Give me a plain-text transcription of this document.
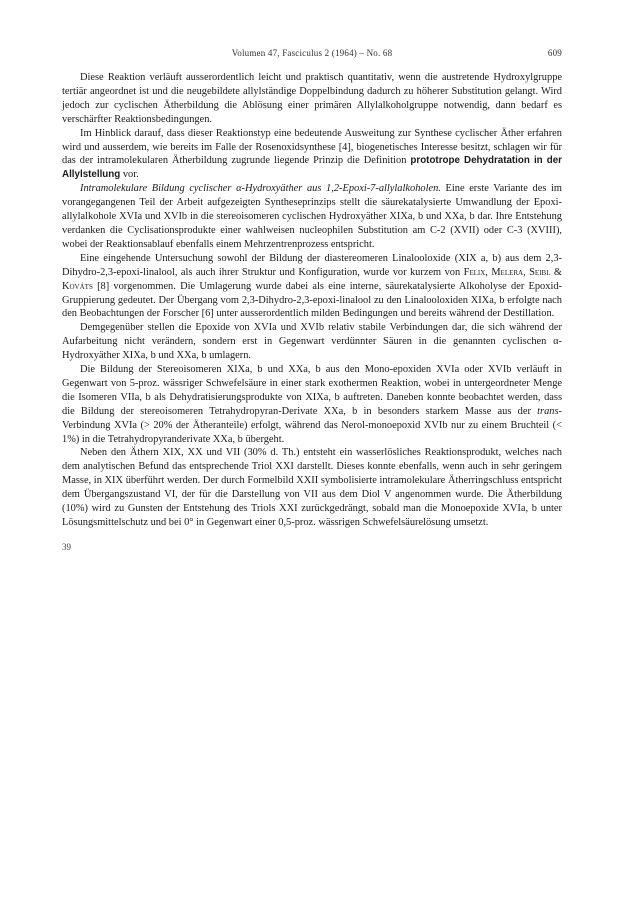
Volumen 47, Fasciculus 2 (1964) – No. 68	609

Diese Reaktion verläuft ausserordentlich leicht und praktisch quantitativ, wenn die austretende Hydroxylgruppe tertiär angeordnet ist und die neugebildete allylständige Doppelbindung dadurch zu höherer Substitution gelangt. Wird jedoch zur cyclischen Ätherbildung die Ablösung einer primären Allylalkoholgruppe notwendig, dann bedarf es verschärfter Reaktionsbedingungen.

Im Hinblick darauf, dass dieser Reaktionstyp eine bedeutende Ausweitung zur Synthese cyclischer Äther erfahren wird und ausserdem, wie bereits im Falle der Rosenoxidsynthese [4], biogenetisches Interesse besitzt, schlagen wir für das der intramolekularen Ätherbildung zugrunde liegende Prinzip die Definition prototrope Dehydratation in der Allylstellung vor.

Intramolekulare Bildung cyclischer α-Hydroxyäther aus 1,2-Epoxi-7-allylalkoholen. Eine erste Variante des im vorangegangenen Teil der Arbeit aufgezeigten Syntheseprinzips stellt die säurekatalysierte Umwandlung der Epoxi-allylalkohole XVIa und XVIb in die stereoisomeren cyclischen Hydroxyäther XIXa, b und XXa, b dar. Ihre Entstehung verdanken die Cyclisationsprodukte einer wahlweisen nucleophilen Substitution am C-2 (XVII) oder C-3 (XVIII), wobei der Reaktionsablauf ebenfalls einem Mehrzentrenprozess entspricht.

Eine eingehende Untersuchung sowohl der Bildung der diastereomeren Linalooloxide (XIX a, b) aus dem 2,3-Dihydro-2,3-epoxi-linalool, als auch ihrer Struktur und Konfiguration, wurde vor kurzem von Felix, Melera, Seibl & Kováts [8] vorgenommen. Die Umlagerung wurde dabei als eine interne, säurekatalysierte Alkoholyse der Epoxid-Gruppierung gedeutet. Der Übergang vom 2,3-Dihydro-2,3-epoxi-linalool zu den Linalooloxiden XIXa, b erfolgte nach den Beobachtungen der Forscher [6] unter ausserordentlich milden Bedingungen und bereits während der Destillation.

Demgegenüber stellen die Epoxide von XVIa und XVIb relativ stabile Verbindungen dar, die sich während der Aufarbeitung nicht verändern, sondern erst in Gegenwart verdünnter Säuren in die genannten cyclischen α-Hydroxyäther XIXa, b und XXa, b umlagern.

Die Bildung der Stereoisomeren XIXa, b und XXa, b aus den Mono-epoxiden XVIa oder XVIb verläuft in Gegenwart von 5-proz. wässriger Schwefelsäure in einer stark exothermen Reaktion, wobei in untergeordneter Menge die Isomeren VIIa, b als Dehydratisierungsprodukte von XIXa, b auftreten. Daneben konnte beobachtet werden, dass die Bildung der stereoisomeren Tetrahydropyran-Derivate XXa, b in besonders starkem Masse aus der trans-Verbindung XVIa (> 20% der Ätheranteile) erfolgt, während das Nerol-monoepoxid XVIb nur zu einem Bruchteil (< 1%) in die Tetrahydropyranderivate XXa, b übergeht.

Neben den Äthern XIX, XX und VII (30% d. Th.) entsteht ein wasserlösliches Reaktionsprodukt, welches nach dem analytischen Befund das entsprechende Triol XXI darstellt. Dieses konnte ebenfalls, wenn auch in sehr geringem Masse, in XIX überführt werden. Der durch Formelbild XXII symbolisierte intramolekulare Ätherringschluss entspricht dem Übergangszustand VI, der für die Darstellung von VII aus dem Diol V angenommen wurde. Die Ätherbildung (10%) wird zu Gunsten der Entstehung des Triols XXI zurückgedrängt, sobald man die Monoepoxide XVIa, b unter Lösungsmittelschutz und bei 0° in Gegenwart einer 0,5-proz. wässrigen Schwefelsäurelösung umsetzt.

39
